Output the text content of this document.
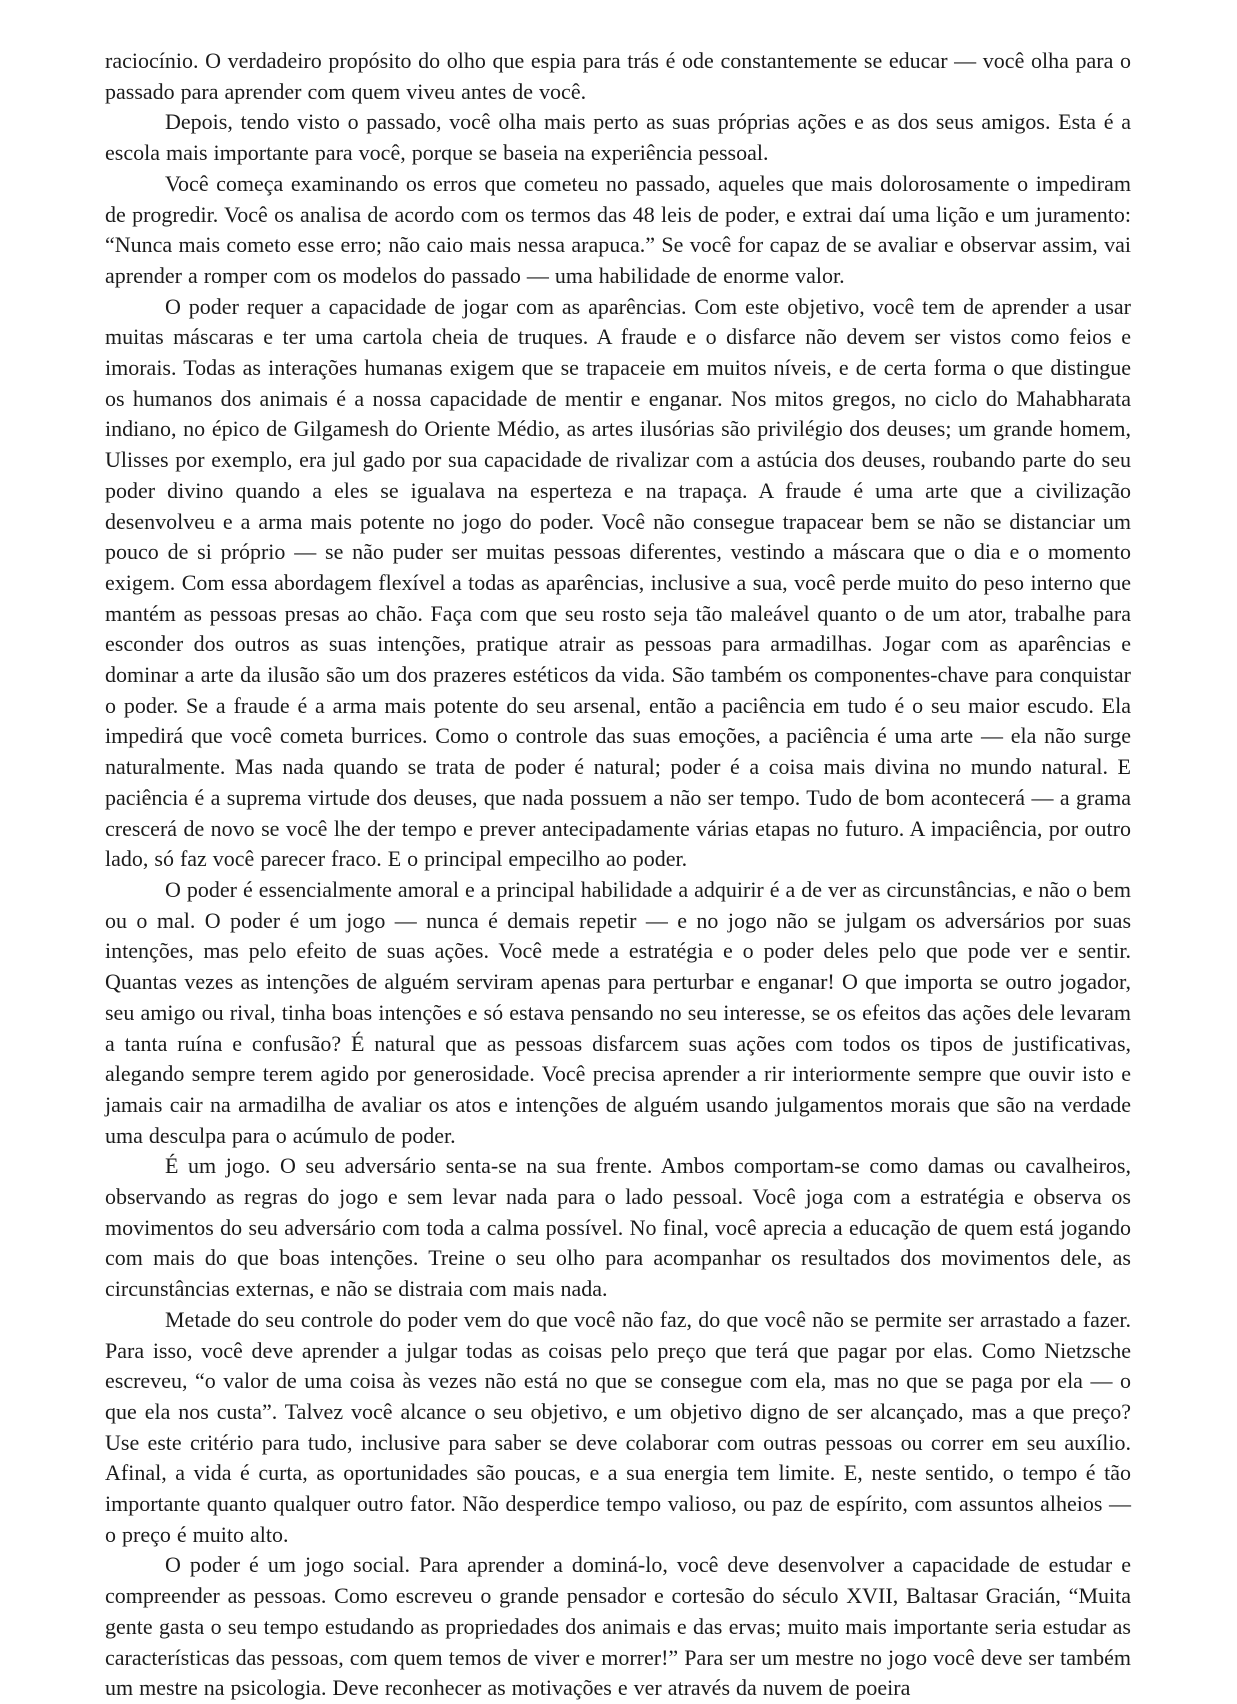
raciocínio. O verdadeiro propósito do olho que espia para trás é ode constantemente se educar — você olha para o passado para aprender com quem viveu antes de você.

Depois, tendo visto o passado, você olha mais perto as suas próprias ações e as dos seus amigos. Esta é a escola mais importante para você, porque se baseia na experiência pessoal.

Você começa examinando os erros que cometeu no passado, aqueles que mais dolorosamente o impediram de progredir. Você os analisa de acordo com os termos das 48 leis de poder, e extrai daí uma lição e um juramento: “Nunca mais cometo esse erro; não caio mais nessa arapuca.” Se você for capaz de se avaliar e observar assim, vai aprender a romper com os modelos do passado — uma habilidade de enorme valor.

O poder requer a capacidade de jogar com as aparências. Com este objetivo, você tem de aprender a usar muitas máscaras e ter uma cartola cheia de truques. A fraude e o disfarce não devem ser vistos como feios e imorais. Todas as interações humanas exigem que se trapaceie em muitos níveis, e de certa forma o que distingue os humanos dos animais é a nossa capacidade de mentir e enganar. Nos mitos gregos, no ciclo do Mahabharata indiano, no épico de Gilgamesh do Oriente Médio, as artes ilusórias são privilégio dos deuses; um grande homem, Ulisses por exemplo, era jul gado por sua capacidade de rivalizar com a astúcia dos deuses, roubando parte do seu poder divino quando a eles se igualava na esperteza e na trapaça. A fraude é uma arte que a civilização desenvolveu e a arma mais potente no jogo do poder. Você não consegue trapacear bem se não se distanciar um pouco de si próprio — se não puder ser muitas pessoas diferentes, vestindo a máscara que o dia e o momento exigem. Com essa abordagem flexível a todas as aparências, inclusive a sua, você perde muito do peso interno que mantém as pessoas presas ao chão. Faça com que seu rosto seja tão maleável quanto o de um ator, trabalhe para esconder dos outros as suas intenções, pratique atrair as pessoas para armadilhas. Jogar com as aparências e dominar a arte da ilusão são um dos prazeres estéticos da vida. São também os componentes-chave para conquistar o poder. Se a fraude é a arma mais potente do seu arsenal, então a paciência em tudo é o seu maior escudo. Ela impedirá que você cometa burrices. Como o controle das suas emoções, a paciência é uma arte — ela não surge naturalmente. Mas nada quando se trata de poder é natural; poder é a coisa mais divina no mundo natural. E paciência é a suprema virtude dos deuses, que nada possuem a não ser tempo. Tudo de bom acontecerá — a grama crescerá de novo se você lhe der tempo e prever antecipadamente várias etapas no futuro. A impaciência, por outro lado, só faz você parecer fraco. E o principal empecilho ao poder.

O poder é essencialmente amoral e a principal habilidade a adquirir é a de ver as circunstâncias, e não o bem ou o mal. O poder é um jogo — nunca é demais repetir — e no jogo não se julgam os adversários por suas intenções, mas pelo efeito de suas ações. Você mede a estratégia e o poder deles pelo que pode ver e sentir. Quantas vezes as intenções de alguém serviram apenas para perturbar e enganar! O que importa se outro jogador, seu amigo ou rival, tinha boas intenções e só estava pensando no seu interesse, se os efeitos das ações dele levaram a tanta ruína e confusão? É natural que as pessoas disfarcem suas ações com todos os tipos de justificativas, alegando sempre terem agido por generosidade. Você precisa aprender a rir interiormente sempre que ouvir isto e jamais cair na armadilha de avaliar os atos e intenções de alguém usando julgamentos morais que são na verdade uma desculpa para o acúmulo de poder.

É um jogo. O seu adversário senta-se na sua frente. Ambos comportam-se como damas ou cavalheiros, observando as regras do jogo e sem levar nada para o lado pessoal. Você joga com a estratégia e observa os movimentos do seu adversário com toda a calma possível. No final, você aprecia a educação de quem está jogando com mais do que boas intenções. Treine o seu olho para acompanhar os resultados dos movimentos dele, as circunstâncias externas, e não se distraia com mais nada.

Metade do seu controle do poder vem do que você não faz, do que você não se permite ser arrastado a fazer. Para isso, você deve aprender a julgar todas as coisas pelo preço que terá que pagar por elas. Como Nietzsche escreveu, “o valor de uma coisa às vezes não está no que se consegue com ela, mas no que se paga por ela — o que ela nos custa”. Talvez você alcance o seu objetivo, e um objetivo digno de ser alcançado, mas a que preço? Use este critério para tudo, inclusive para saber se deve colaborar com outras pessoas ou correr em seu auxílio. Afinal, a vida é curta, as oportunidades são poucas, e a sua energia tem limite. E, neste sentido, o tempo é tão importante quanto qualquer outro fator. Não desperdice tempo valioso, ou paz de espírito, com assuntos alheios — o preço é muito alto.

O poder é um jogo social. Para aprender a dominá-lo, você deve desenvolver a capacidade de estudar e compreender as pessoas. Como escreveu o grande pensador e cortesão do século XVII, Baltasar Gracián, “Muita gente gasta o seu tempo estudando as propriedades dos animais e das ervas; muito mais importante seria estudar as características das pessoas, com quem temos de viver e morrer!” Para ser um mestre no jogo você deve ser também um mestre na psicologia. Deve reconhecer as motivações e ver através da nuvem de poeira
